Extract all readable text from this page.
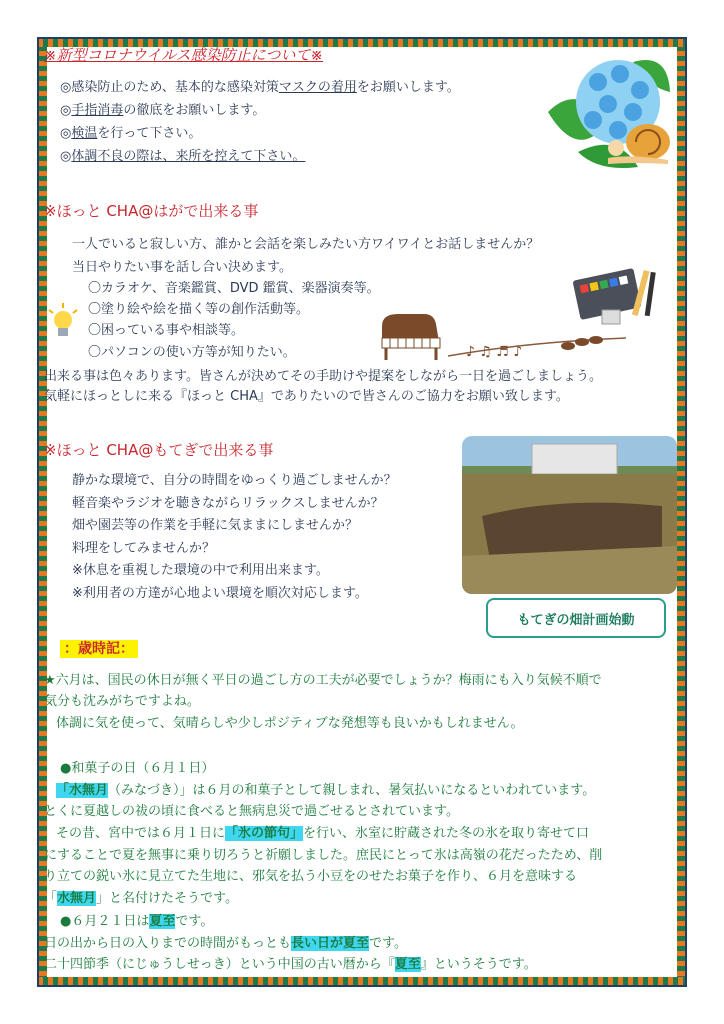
※新型コロナウイルス感染防止について※
◎感染防止のため、基本的な感染対策マスクの着用をお願いします。
◎手指消毒の徹底をお願いします。
◎検温を行って下さい。
◎体調不良の際は、来所を控えて下さい。
※ほっと CHA@はがで出来る事
一人でいると寂しい方、誰かと会話を楽しみたい方ワイワイとお話しませんか？
当日やりたい事を話し合い決めます。
〇カラオケ、音楽鑑賞、DVD 鑑賞、楽器演奏等。
〇塗り絵や絵を描く等の創作活動等。
〇困っている事や相談等。
〇パソコンの使い方等が知りたい。
出来る事は色々あります。皆さんが決めてその手助けや提案をしながら一日を過ごしましょう。
気軽にほっとしに来る『ほっと CHA』でありたいので皆さんのご協力をお願い致します。
♪ ♫ ♬ ♪
※ほっと CHA@もてぎで出来る事
静かな環境で、自分の時間をゆっくり過ごしませんか？
軽音楽やラジオを聴きながらリラックスしませんか？
畑や園芸等の作業を手軽に気ままにしませんか？
料理をしてみませんか？
※休息を重視した環境の中で利用出来ます。
※利用者の方達が心地よい環境を順次対応します。
もてぎの畑計画始動
：歳時記：
★六月は、国民の休日が無く平日の過ごし方の工夫が必要でしょうか？梅雨にも入り気候不順で
気分も沈みがちですよね。
体調に気を使って、気晴らしや少しポジティブな発想等も良いかもしれません。
●和菓子の日（６月１日）
「水無月（みなづき）」は６月の和菓子として親しまれ、暑気払いになるといわれています。
とくに夏越しの祓の頃に食べると無病息災で過ごせるとされています。
その昔、宮中では６月１日に「氷の節句」を行い、氷室に貯蔵された冬の氷を取り寄せて口
にすることで夏を無事に乗り切ろうと祈願しました。庶民にとって氷は高嶺の花だったため、削
り立ての鋭い氷に見立てた生地に、邪気を払う小豆をのせたお菓子を作り、６月を意味する
「水無月」と名付けたそうです。
●６月２１日は夏至です。
日の出から日の入りまでの時間がもっとも長い日が夏至です。
二十四節季（にじゅうしせっき）という中国の古い暦から『夏至』というそうです。
